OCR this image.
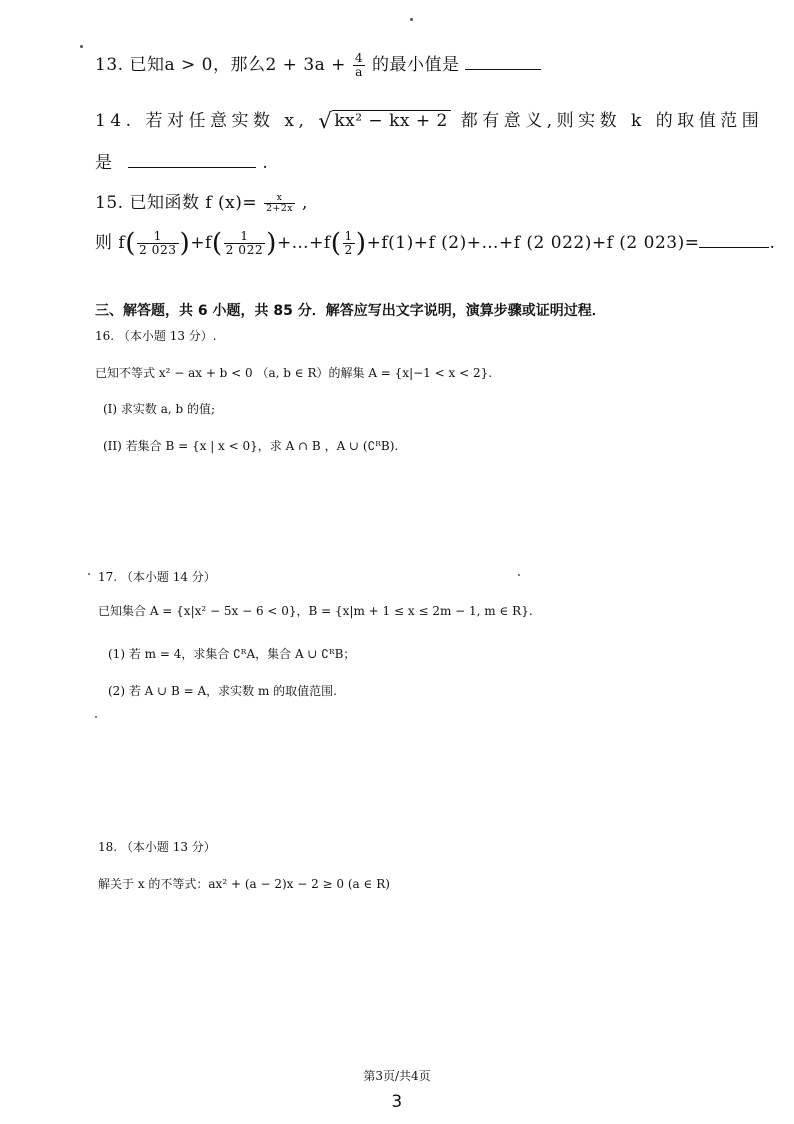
13. 已知a > 0，那么$2 + 3a + \frac{4}{a}$ 的最小值是
14. 若对任意实数 x, √ kx² − kx + 2 都有意义,则实数 k 的取值范围
是	.
15. 已知函数 f $(x)= \frac{x}{2+2x}$ ,
则 $f( \frac{1}{2 023} )+f( \frac{1}{2 022}$ )+…+f( $\frac{1}{2} )+f(1)+f$ (2)+…+f (2 022)+f (2 023)=	.
三、解答题，共 6 小题，共 85 分．解答应写出文字说明，演算步骤或证明过程．
16. （本小题 13 分）.
已知不等式 x² − ax + b < 0 （a, b ∈ R）的解集 A = {x|−1 < x < 2}.
(I) 求实数 a, b 的值;
(II) 若集合 B = {x | x < 0}，求 A ∩ B ，A ∪ (∁ᴿB).
17. （本小题 14 分）
已知集合 A = {x|x² − 5x − 6 < 0}，B = {x|m + 1 ≤ x ≤ 2m − 1, m ∈ R}.
(1) 若 m = 4，求集合 ∁ᴿA，集合 A ∪ ∁ᴿB；
(2) 若 A ∪ B = A，求实数 m 的取值范围.
18. （本小题 13 分）
解关于 x 的不等式：ax² + (a − 2)x − 2 ≥ 0 (a ∈ R)
第3页/共4页
3
